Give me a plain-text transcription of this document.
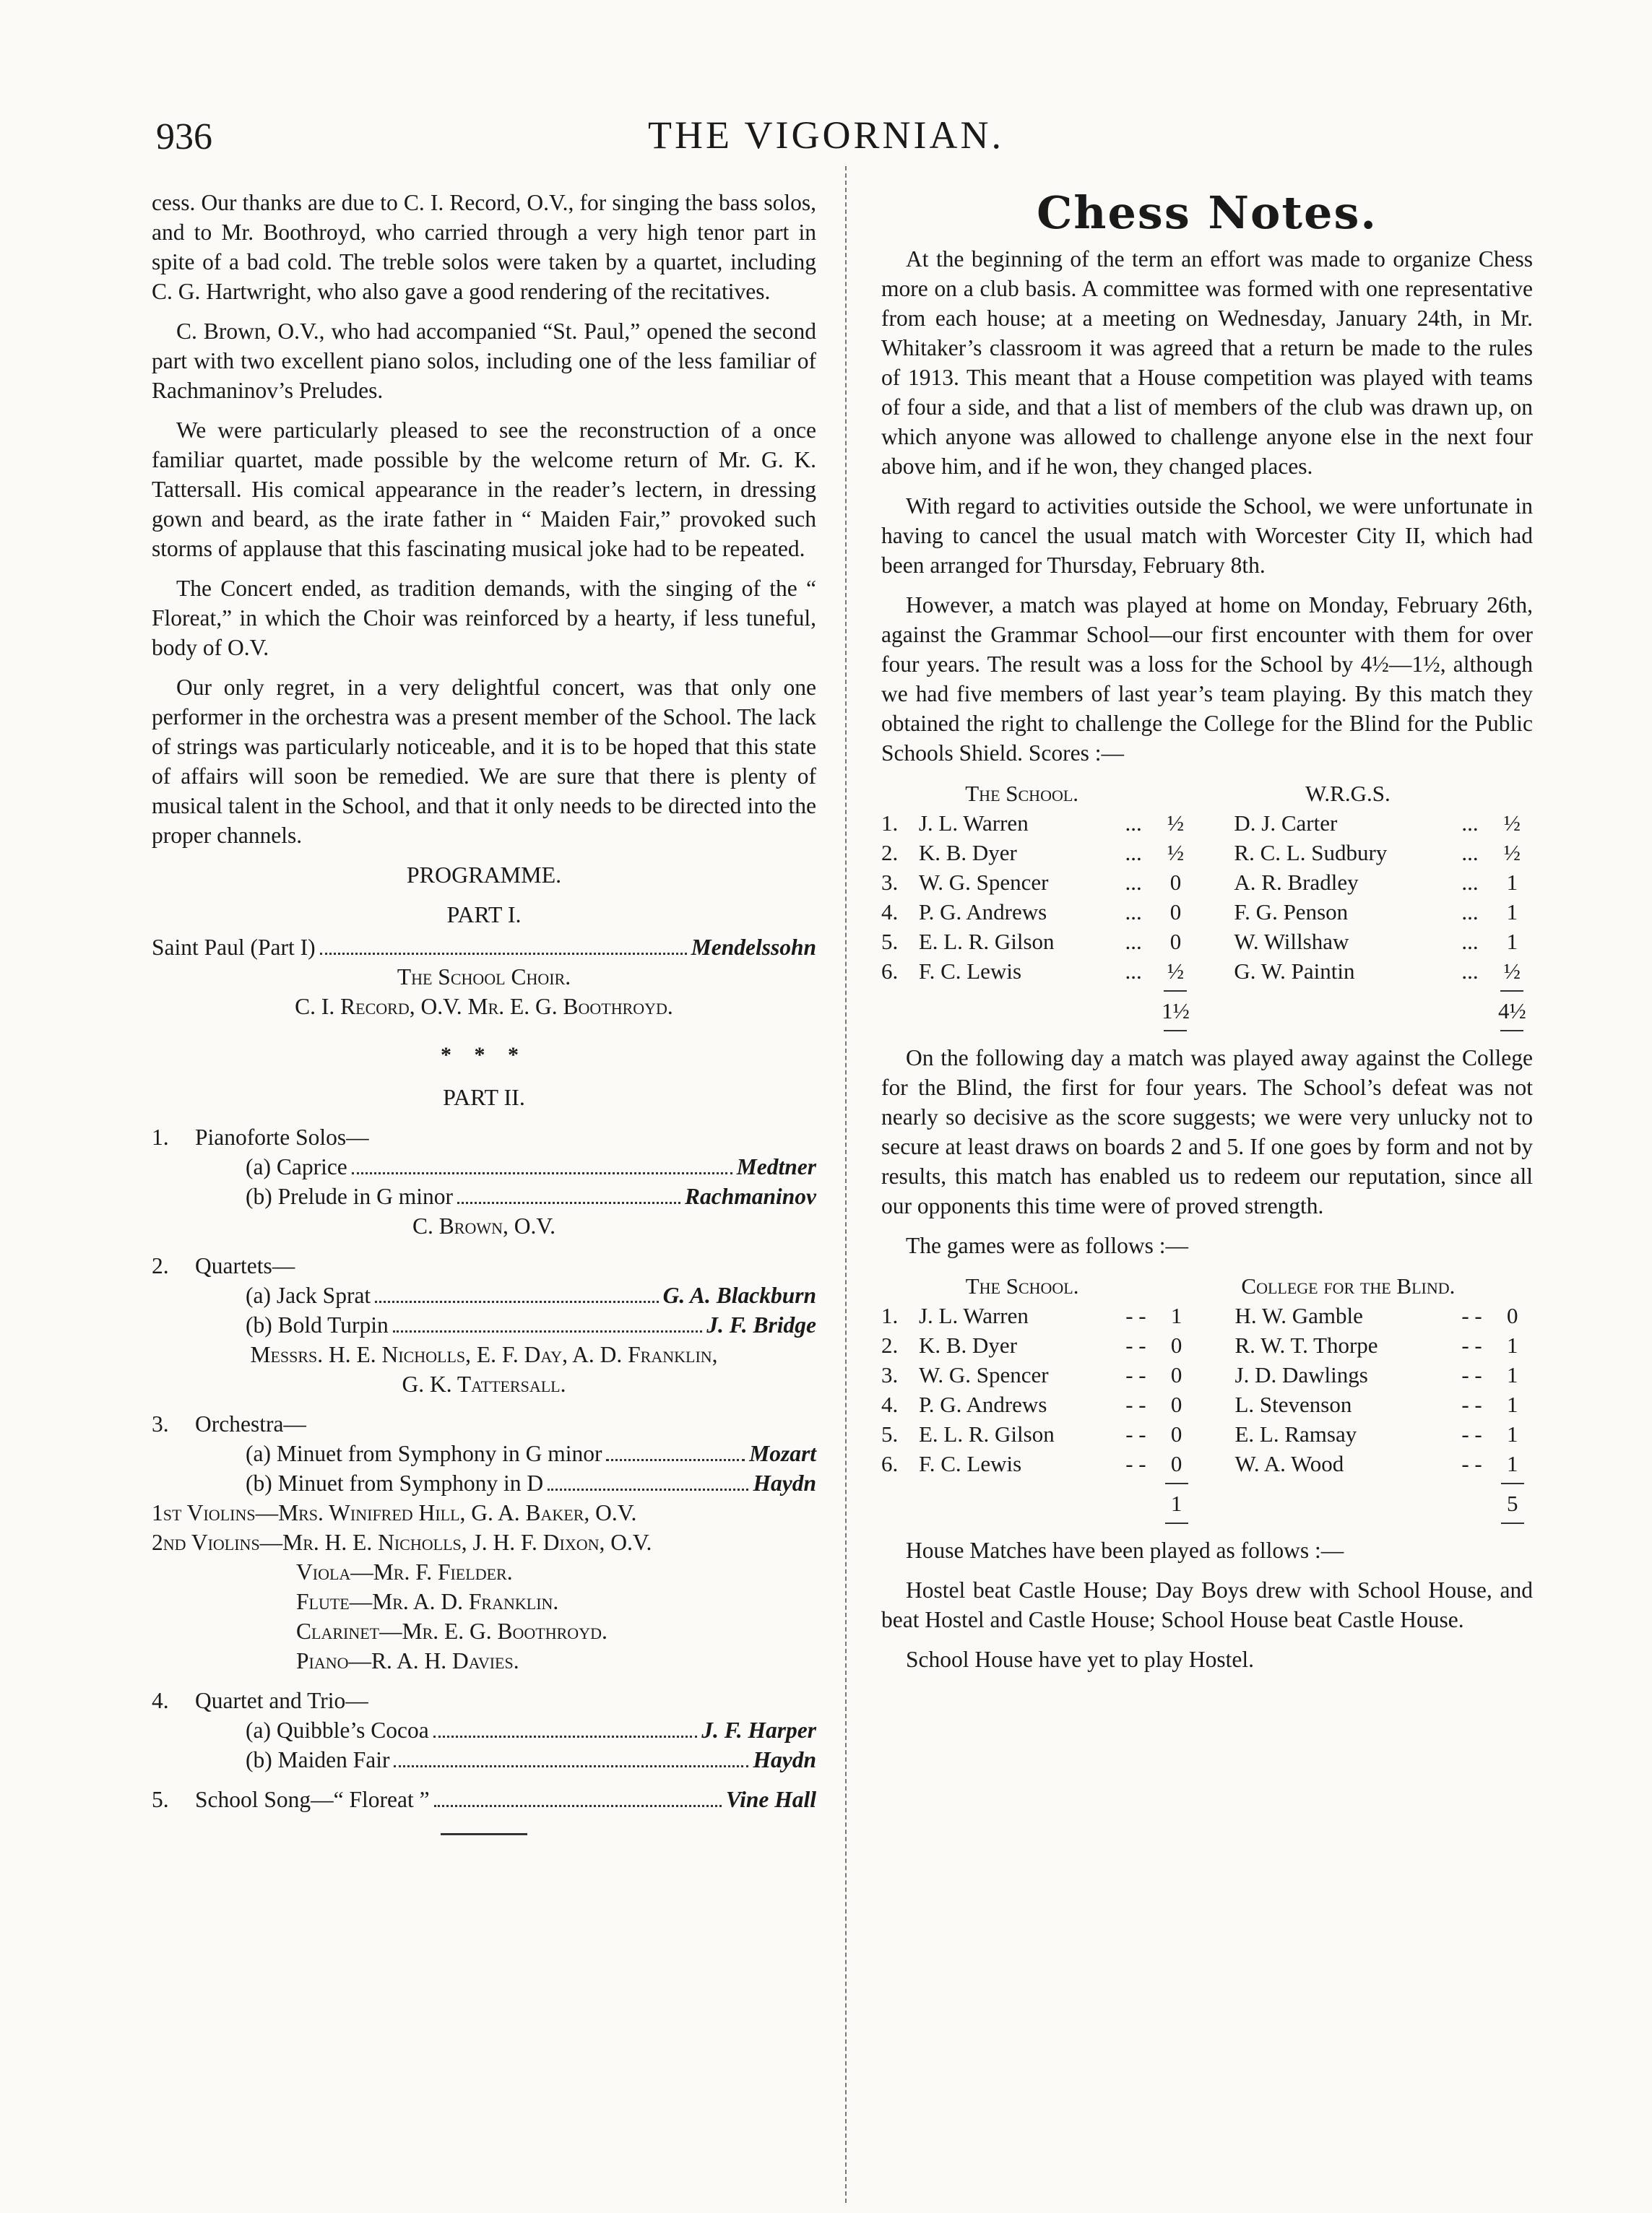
936	THE VIGORNIAN.

cess. Our thanks are due to C. I. Record, O.V., for singing the bass solos, and to Mr. Boothroyd, who carried through a very high tenor part in spite of a bad cold. The treble solos were taken by a quartet, including C. G. Hartwright, who also gave a good rendering of the recitatives.

C. Brown, O.V., who had accompanied “St. Paul,” opened the second part with two excellent piano solos, including one of the less familiar of Rachmaninov’s Preludes.

We were particularly pleased to see the reconstruction of a once familiar quartet, made possible by the welcome return of Mr. G. K. Tattersall. His comical appearance in the reader’s lectern, in dressing gown and beard, as the irate father in “ Maiden Fair,” provoked such storms of applause that this fascinating musical joke had to be repeated.

The Concert ended, as tradition demands, with the singing of the “ Floreat,” in which the Choir was reinforced by a hearty, if less tuneful, body of O.V.

Our only regret, in a very delightful concert, was that only one performer in the orchestra was a present member of the School. The lack of strings was particularly noticeable, and it is to be hoped that this state of affairs will soon be remedied. We are sure that there is plenty of musical talent in the School, and that it only needs to be directed into the proper channels.

PROGRAMME.
PART I.
Saint Paul (Part I)	Mendelssohn
The School Choir.
C. I. Record, O.V. Mr. E. G. Boothroyd.
* * *
PART II.
1. Pianoforte Solos—
(a) Caprice	Medtner
(b) Prelude in G minor	Rachmaninov
C. Brown, O.V.
2. Quartets—
(a) Jack Sprat	G. A. Blackburn
(b) Bold Turpin	J. F. Bridge
Messrs. H. E. Nicholls, E. F. Day, A. D. Franklin,
G. K. Tattersall.
3. Orchestra—
(a) Minuet from Symphony in G minor	Mozart
(b) Minuet from Symphony in D	Haydn
1st Violins—Mrs. Winifred Hill, G. A. Baker, O.V.
2nd Violins—Mr. H. E. Nicholls, J. H. F. Dixon, O.V.
Viola—Mr. F. Fielder.
Flute—Mr. A. D. Franklin.
Clarinet—Mr. E. G. Boothroyd.
Piano—R. A. H. Davies.
4. Quartet and Trio—
(a) Quibble’s Cocoa	J. F. Harper
(b) Maiden Fair	Haydn
5.	School Song—“ Floreat ”	Vine Hall
Chess Notes.

At the beginning of the term an effort was made to organize Chess more on a club basis. A committee was formed with one representative from each house; at a meeting on Wednesday, January 24th, in Mr. Whitaker’s classroom it was agreed that a return be made to the rules of 1913. This meant that a House competition was played with teams of four a side, and that a list of members of the club was drawn up, on which anyone was allowed to challenge anyone else in the next four above him, and if he won, they changed places.

With regard to activities outside the School, we were unfortunate in having to cancel the usual match with Worcester City II, which had been arranged for Thursday, February 8th.

However, a match was played at home on Monday, February 26th, against the Grammar School—our first encounter with them for over four years. The result was a loss for the School by 4½—1½, although we had five members of last year’s team playing. By this match they obtained the right to challenge the College for the Blind for the Public Schools Shield. Scores :—

	The School.				W.R.G.S.		
1.	J. L. Warren	...	½		D. J. Carter	...	½
2.	K. B. Dyer	...	½		R. C. L. Sudbury	...	½
3.	W. G. Spencer	...	0		A. R. Bradley	...	1
4.	P. G. Andrews	...	0		F. G. Penson	...	1
5.	E. L. R. Gilson	...	0		W. Willshaw	...	1
6.	F. C. Lewis	...	½		G. W. Paintin	...	½

			1½				4½

On the following day a match was played away against the College for the Blind, the first for four years. The School’s defeat was not nearly so decisive as the score suggests; we were very unlucky not to secure at least draws on boards 2 and 5. If one goes by form and not by results, this match has enabled us to redeem our reputation, since all our opponents this time were of proved strength.

The games were as follows :—

	The School.				College for the Blind.		
1.	J. L. Warren	- -	1		H. W. Gamble	- -	0
2.	K. B. Dyer	- -	0		R. W. T. Thorpe	- -	1
3.	W. G. Spencer	- -	0		J. D. Dawlings	- -	1
4.	P. G. Andrews	- -	0		L. Stevenson	- -	1
5.	E. L. R. Gilson	- -	0		E. L. Ramsay	- -	1
6.	F. C. Lewis	- -	0		W. A. Wood	- -	1

			1				5

House Matches have been played as follows :—

Hostel beat Castle House; Day Boys drew with School House, and beat Hostel and Castle House; School House beat Castle House.

School House have yet to play Hostel.
